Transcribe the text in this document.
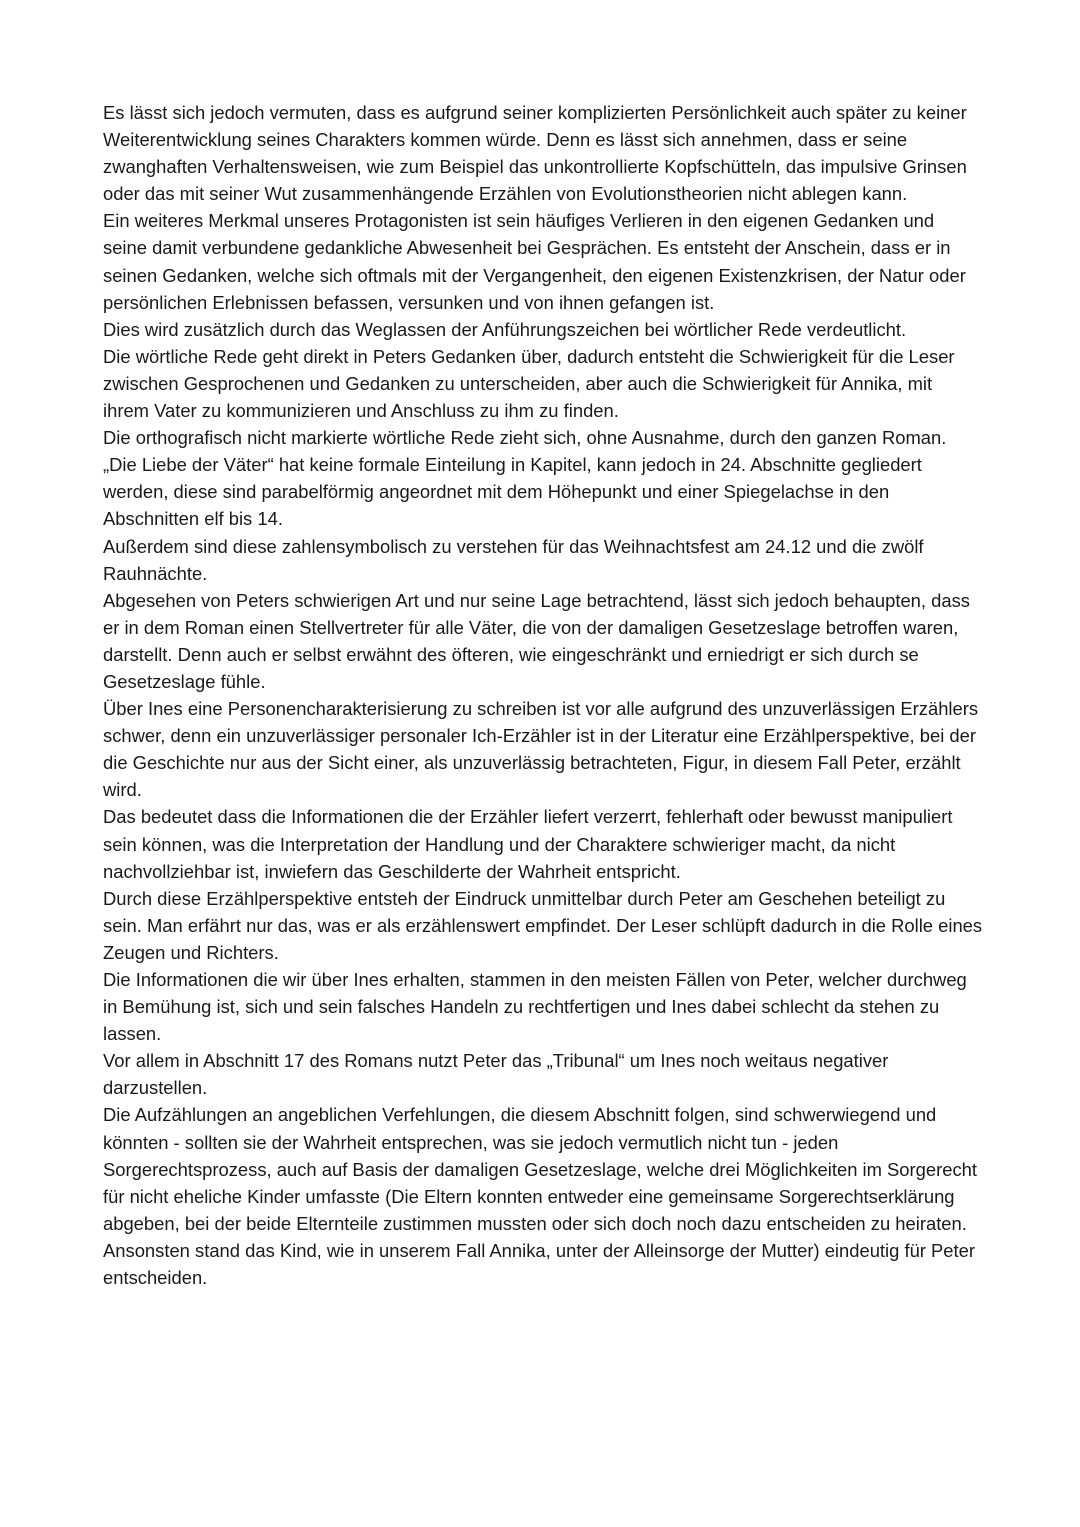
Es lässt sich jedoch vermuten, dass es aufgrund seiner komplizierten Persönlichkeit auch später zu keiner Weiterentwicklung seines Charakters kommen würde. Denn es lässt sich annehmen, dass er seine zwanghaften Verhaltensweisen, wie zum Beispiel das unkontrollierte Kopfschütteln, das impulsive Grinsen oder das mit seiner Wut zusammenhängende Erzählen von Evolutionstheorien nicht ablegen kann.

Ein weiteres Merkmal unseres Protagonisten ist sein häufiges Verlieren in den eigenen Gedanken und seine damit verbundene gedankliche Abwesenheit bei Gesprächen. Es entsteht der Anschein, dass er in seinen Gedanken, welche sich oftmals mit der Vergangenheit, den eigenen Existenzkrisen, der Natur oder persönlichen Erlebnissen befassen, versunken und von ihnen gefangen ist.

Dies wird zusätzlich durch das Weglassen der Anführungszeichen bei wörtlicher Rede verdeutlicht.

Die wörtliche Rede geht direkt in Peters Gedanken über, dadurch entsteht die Schwierigkeit für die Leser zwischen Gesprochenen und Gedanken zu unterscheiden, aber auch die Schwierigkeit für Annika, mit ihrem Vater zu kommunizieren und Anschluss zu ihm zu finden.

Die orthografisch nicht markierte wörtliche Rede zieht sich, ohne Ausnahme, durch den ganzen Roman.

„Die Liebe der Väter“ hat keine formale Einteilung in Kapitel, kann jedoch in 24. Abschnitte gegliedert werden, diese sind parabelförmig angeordnet mit dem Höhepunkt und einer Spiegelachse in den Abschnitten elf bis 14.

Außerdem sind diese zahlensymbolisch zu verstehen für das Weihnachtsfest am 24.12 und die zwölf Rauhnächte.

Abgesehen von Peters schwierigen Art und nur seine Lage betrachtend, lässt sich jedoch behaupten, dass er in dem Roman einen Stellvertreter für alle Väter, die von der damaligen Gesetzeslage betroffen waren, darstellt. Denn auch er selbst erwähnt des öfteren, wie eingeschränkt und erniedrigt er sich durch se Gesetzeslage fühle.

Über Ines eine Personencharakterisierung zu schreiben ist vor alle aufgrund des unzuverlässigen Erzählers schwer, denn ein unzuverlässiger personaler Ich-Erzähler ist in der Literatur eine Erzählperspektive, bei der die Geschichte nur aus der Sicht einer, als unzuverlässig betrachteten, Figur, in diesem Fall Peter, erzählt wird.

Das bedeutet dass die Informationen die der Erzähler liefert verzerrt, fehlerhaft oder bewusst manipuliert sein können, was die Interpretation der Handlung und der Charaktere schwieriger macht, da nicht nachvollziehbar ist, inwiefern das Geschilderte der Wahrheit entspricht.

Durch diese Erzählperspektive entsteh der Eindruck unmittelbar durch Peter am Geschehen beteiligt zu sein. Man erfährt nur das, was er als erzählenswert empfindet. Der Leser schlüpft dadurch in die Rolle eines Zeugen und Richters.

Die Informationen die wir über Ines erhalten, stammen in den meisten Fällen von Peter, welcher durchweg in Bemühung ist, sich und sein falsches Handeln zu rechtfertigen und Ines dabei schlecht da stehen zu lassen.

Vor allem in Abschnitt 17 des Romans nutzt Peter das „Tribunal“ um Ines noch weitaus negativer darzustellen.

Die Aufzählungen an angeblichen Verfehlungen, die diesem Abschnitt folgen, sind schwerwiegend und könnten - sollten sie der Wahrheit entsprechen, was sie jedoch vermutlich nicht tun - jeden Sorgerechtsprozess, auch auf Basis der damaligen Gesetzeslage, welche drei Möglichkeiten im Sorgerecht für nicht eheliche Kinder umfasste (Die Eltern konnten entweder eine gemeinsame Sorgerechtserklärung abgeben, bei der beide Elternteile zustimmen mussten oder sich doch noch dazu entscheiden zu heiraten. Ansonsten stand das Kind, wie in unserem Fall Annika, unter der Alleinsorge der Mutter) eindeutig für Peter entscheiden.
